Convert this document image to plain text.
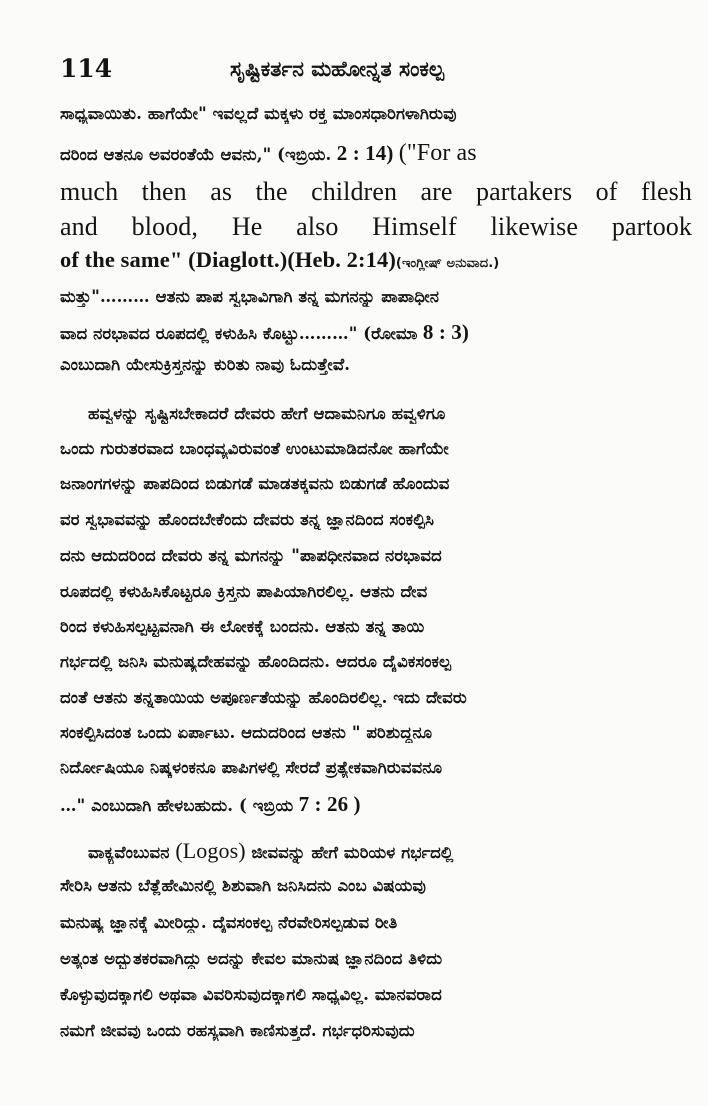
114	ಸೃಷ್ಟಿಕರ್ತನ ಮಹೋನ್ನತ ಸಂಕಲ್ಪ
ಸಾಧ್ಯವಾಯಿತು. ಹಾಗೆಯೇ" ಇವಲ್ಲದೆ ಮಕ್ಕಳು ರಕ್ತ ಮಾಂಸಧಾರಿಗಳಾಗಿರುವು
ದರಿಂದ ಆತನೂ ಅವರಂತೆಯೆ ಆವನು," (ಇಬ್ರಿಯ. 2 : 14) ("For as
much then as the children are partakers of flesh
and blood, He also Himself likewise partook
of the same" (Diaglott.)(Heb. 2:14)(ಇಂಗ್ಲೀಷ್ ಅನುವಾದ.)
ಮತ್ತು"……… ಆತನು ಪಾಪ ಸ್ವಭಾವಿಗಾಗಿ ತನ್ನ ಮಗನನ್ನು ಪಾಪಾಧೀನ
ವಾದ ನರಭಾವದ ರೂಪದಲ್ಲಿ ಕಳುಹಿಸಿ ಕೊಟ್ಟು………" (ರೋಮಾ 8 : 3)
ಎಂಬುದಾಗಿ ಯೇಸುಕ್ರಿಸ್ತನನ್ನು ಕುರಿತು ನಾವು ಓದುತ್ತೇವೆ.
ಹವ್ವಳನ್ನು ಸೃಷ್ಟಿಸಬೇಕಾದರೆ ದೇವರು ಹೇಗೆ ಆದಾಮನಿಗೂ ಹವ್ವಳಿಗೂ
ಒಂದು ಗುರುತರವಾದ ಬಾಂಧವ್ಯವಿರುವಂತೆ ಉಂಟುಮಾಡಿದನೋ ಹಾಗೆಯೇ
ಜನಾಂಗಗಳನ್ನು ಪಾಪದಿಂದ ಬಿಡುಗಡೆ ಮಾಡತಕ್ಕವನು ಬಿಡುಗಡೆ ಹೊಂದುವ
ವರ ಸ್ವಭಾವವನ್ನು ಹೊಂದಬೇಕೆಂದು ದೇವರು ತನ್ನ ಜ್ಞಾನದಿಂದ ಸಂಕಲ್ಪಿಸಿ
ದನು ಆದುದರಿಂದ ದೇವರು ತನ್ನ ಮಗನನ್ನು "ಪಾಪಧೀನವಾದ ನರಭಾವದ
ರೂಪದಲ್ಲಿ ಕಳುಹಿಸಿಕೊಟ್ಟರೂ ಕ್ರಿಸ್ತನು ಪಾಪಿಯಾಗಿರಲಿಲ್ಲ. ಆತನು ದೇವ
ರಿಂದ ಕಳುಹಿಸಲ್ಪಟ್ಟವನಾಗಿ ಈ ಲೋಕಕ್ಕೆ ಬಂದನು. ಆತನು ತನ್ನ ತಾಯಿ
ಗರ್ಭದಲ್ಲಿ ಜನಿಸಿ ಮನುಷ್ಯದೇಹವನ್ನು ಹೊಂದಿದನು. ಆದರೂ ದೈವಿಕಸಂಕಲ್ಪ
ದಂತೆ ಆತನು ತನ್ನತಾಯಿಯ ಅಪೂರ್ಣತೆಯನ್ನು ಹೊಂದಿರಲಿಲ್ಲ. ಇದು ದೇವರು
ಸಂಕಲ್ಪಿಸಿದಂತ ಒಂದು ಏರ್ಪಾಟು. ಆದುದರಿಂದ ಆತನು " ಪರಿಶುದ್ಧನೂ
ನಿರ್ದೋಷಿಯೂ ನಿಷ್ಕಳಂಕನೂ ಪಾಪಿಗಳಲ್ಲಿ ಸೇರದೆ ಪ್ರತ್ಯೇಕವಾಗಿರುವವನೂ
…" ಎಂಬುದಾಗಿ ಹೇಳಬಹುದು. ( ಇಬ್ರಿಯ 7 : 26 )
ವಾಕ್ಯವೆಂಬುವನ (Logos) ಜೀವವನ್ನು ಹೇಗೆ ಮರಿಯಳ ಗರ್ಭದಲ್ಲಿ
ಸೇರಿಸಿ ಆತನು ಬೆತ್ಲೆಹೇಮಿನಲ್ಲಿ ಶಿಶುವಾಗಿ ಜನಿಸಿದನು ಎಂಬ ವಿಷಯವು
ಮನುಷ್ಯ ಜ್ಞಾನಕ್ಕೆ ಮೀರಿದ್ದು. ದೈವಸಂಕಲ್ಪ ನೆರವೇರಿಸಲ್ಪಡುವ ರೀತಿ
ಅತ್ಯಂತ ಅದ್ಭುತಕರವಾಗಿದ್ದು ಅದನ್ನು ಕೇವಲ ಮಾನುಷ ಜ್ಞಾನದಿಂದ ತಿಳಿದು
ಕೊಳ್ಳುವುದಕ್ಕಾಗಲಿ ಅಥವಾ ವಿವರಿಸುವುದಕ್ಕಾಗಲಿ ಸಾಧ್ಯವಿಲ್ಲ. ಮಾನವರಾದ
ನಮಗೆ ಜೀವವು ಒಂದು ರಹಸ್ಯವಾಗಿ ಕಾಣಿಸುತ್ತದೆ. ಗರ್ಭಧರಿಸುವುದು
